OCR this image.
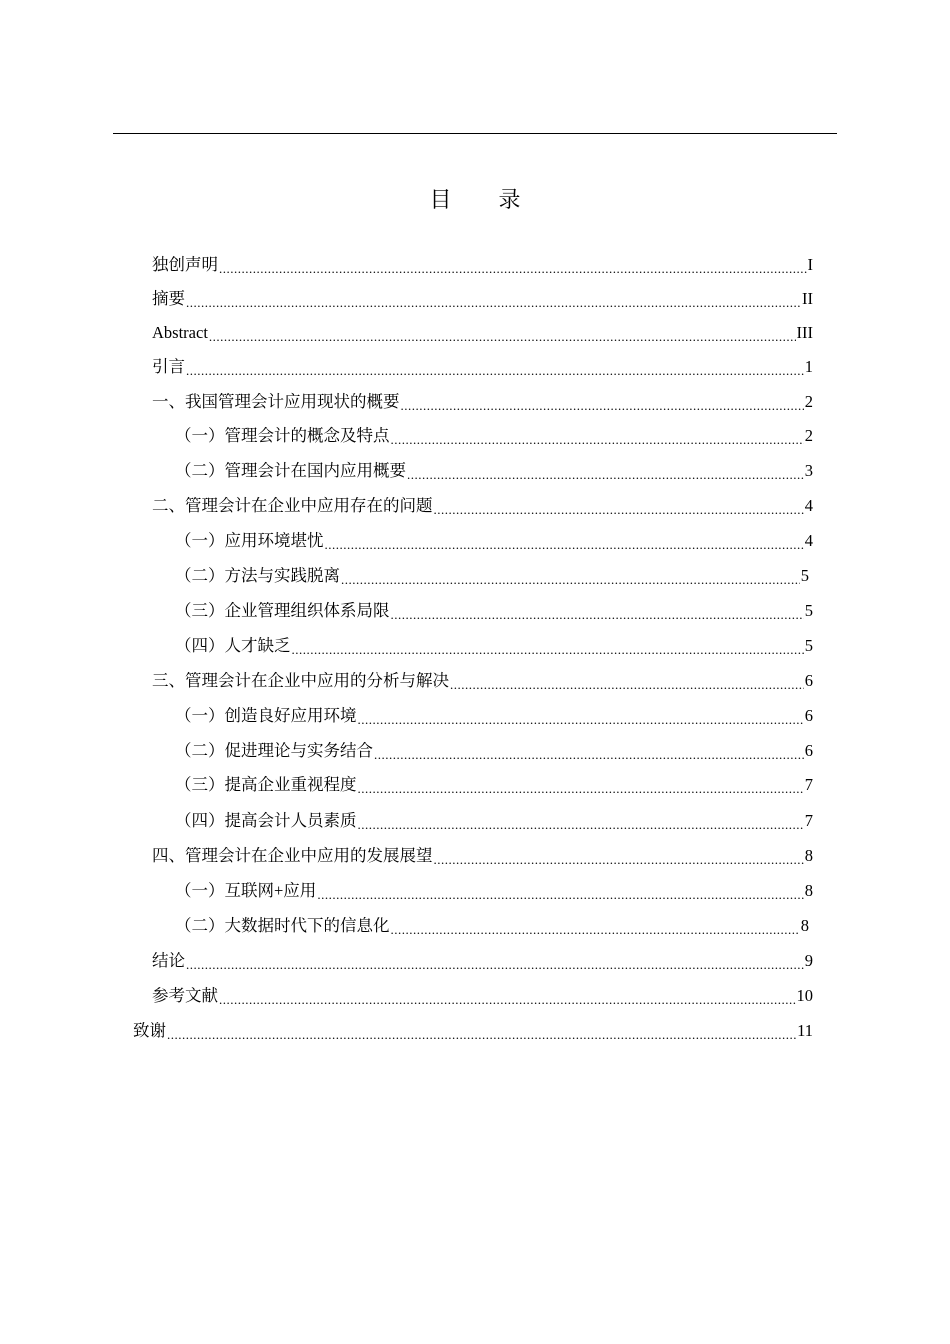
目 录
独创声明 .....	I
摘要 .....	II
Abstract .....	III
引言 .....	1
一、我国管理会计应用现状的概要 .....	2
（一）管理会计的概念及特点 .....	2
（二）管理会计在国内应用概要 .....	3
二、管理会计在企业中应用存在的问题 .....	4
（一）应用环境堪忧 .....	4
（二）方法与实践脱离 .....	5
（三）企业管理组织体系局限 .....	5
（四）人才缺乏 .....	5
三、管理会计在企业中应用的分析与解决 .....	6
（一）创造良好应用环境 .....	6
（二）促进理论与实务结合 .....	6
（三）提高企业重视程度 .....	7
（四）提高会计人员素质 .....	7
四、管理会计在企业中应用的发展展望 .....	8
（一）互联网+应用 .....	8
（二）大数据时代下的信息化 .....	8
结论 .....	9
参考文献 .....	10
致谢 .....	11
